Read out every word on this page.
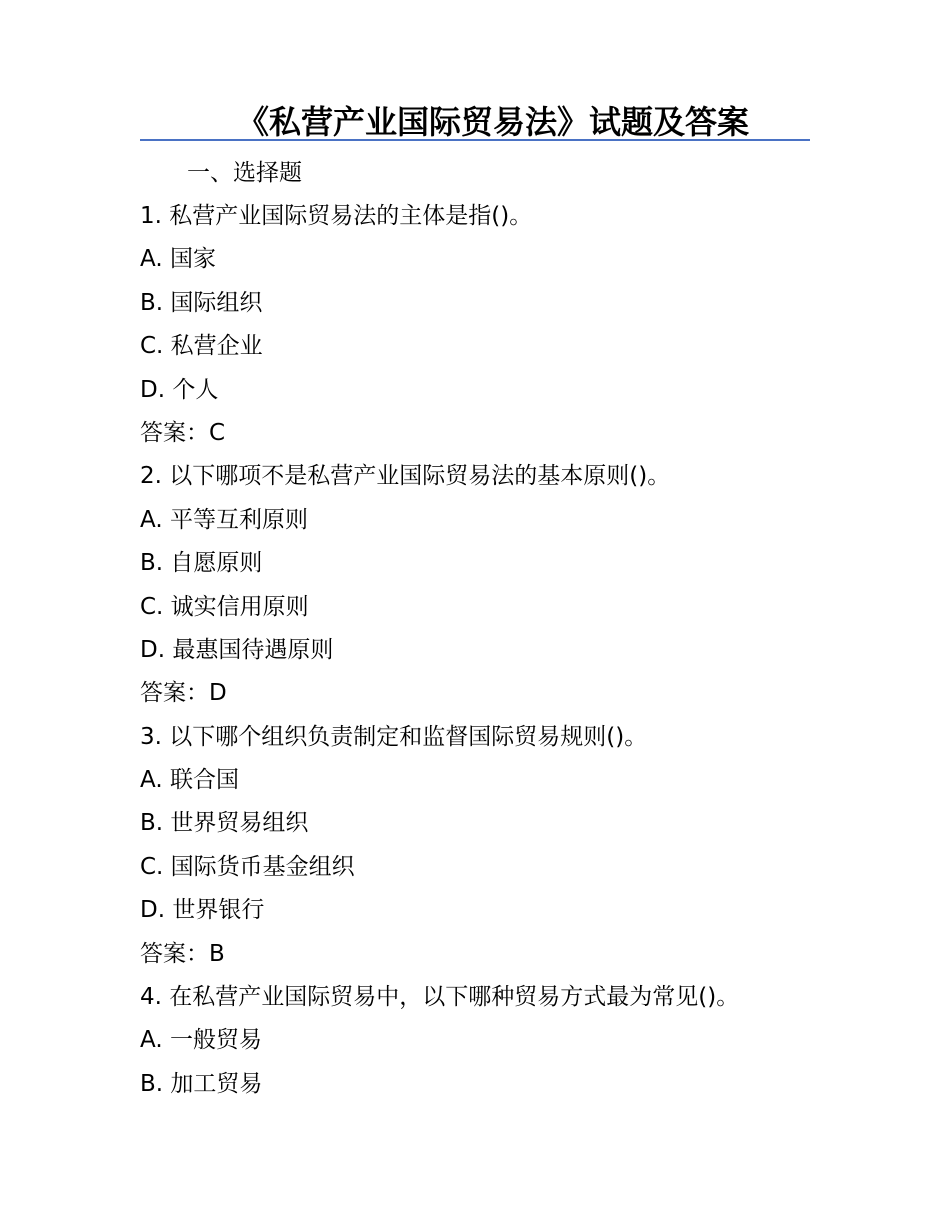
《私营产业国际贸易法》试题及答案
一、选择题
1. 私营产业国际贸易法的主体是指()。
A. 国家
B. 国际组织
C. 私营企业
D. 个人
答案：C
2. 以下哪项不是私营产业国际贸易法的基本原则()。
A. 平等互利原则
B. 自愿原则
C. 诚实信用原则
D. 最惠国待遇原则
答案：D
3. 以下哪个组织负责制定和监督国际贸易规则()。
A. 联合国
B. 世界贸易组织
C. 国际货币基金组织
D. 世界银行
答案：B
4. 在私营产业国际贸易中，以下哪种贸易方式最为常见()。
A. 一般贸易
B. 加工贸易
